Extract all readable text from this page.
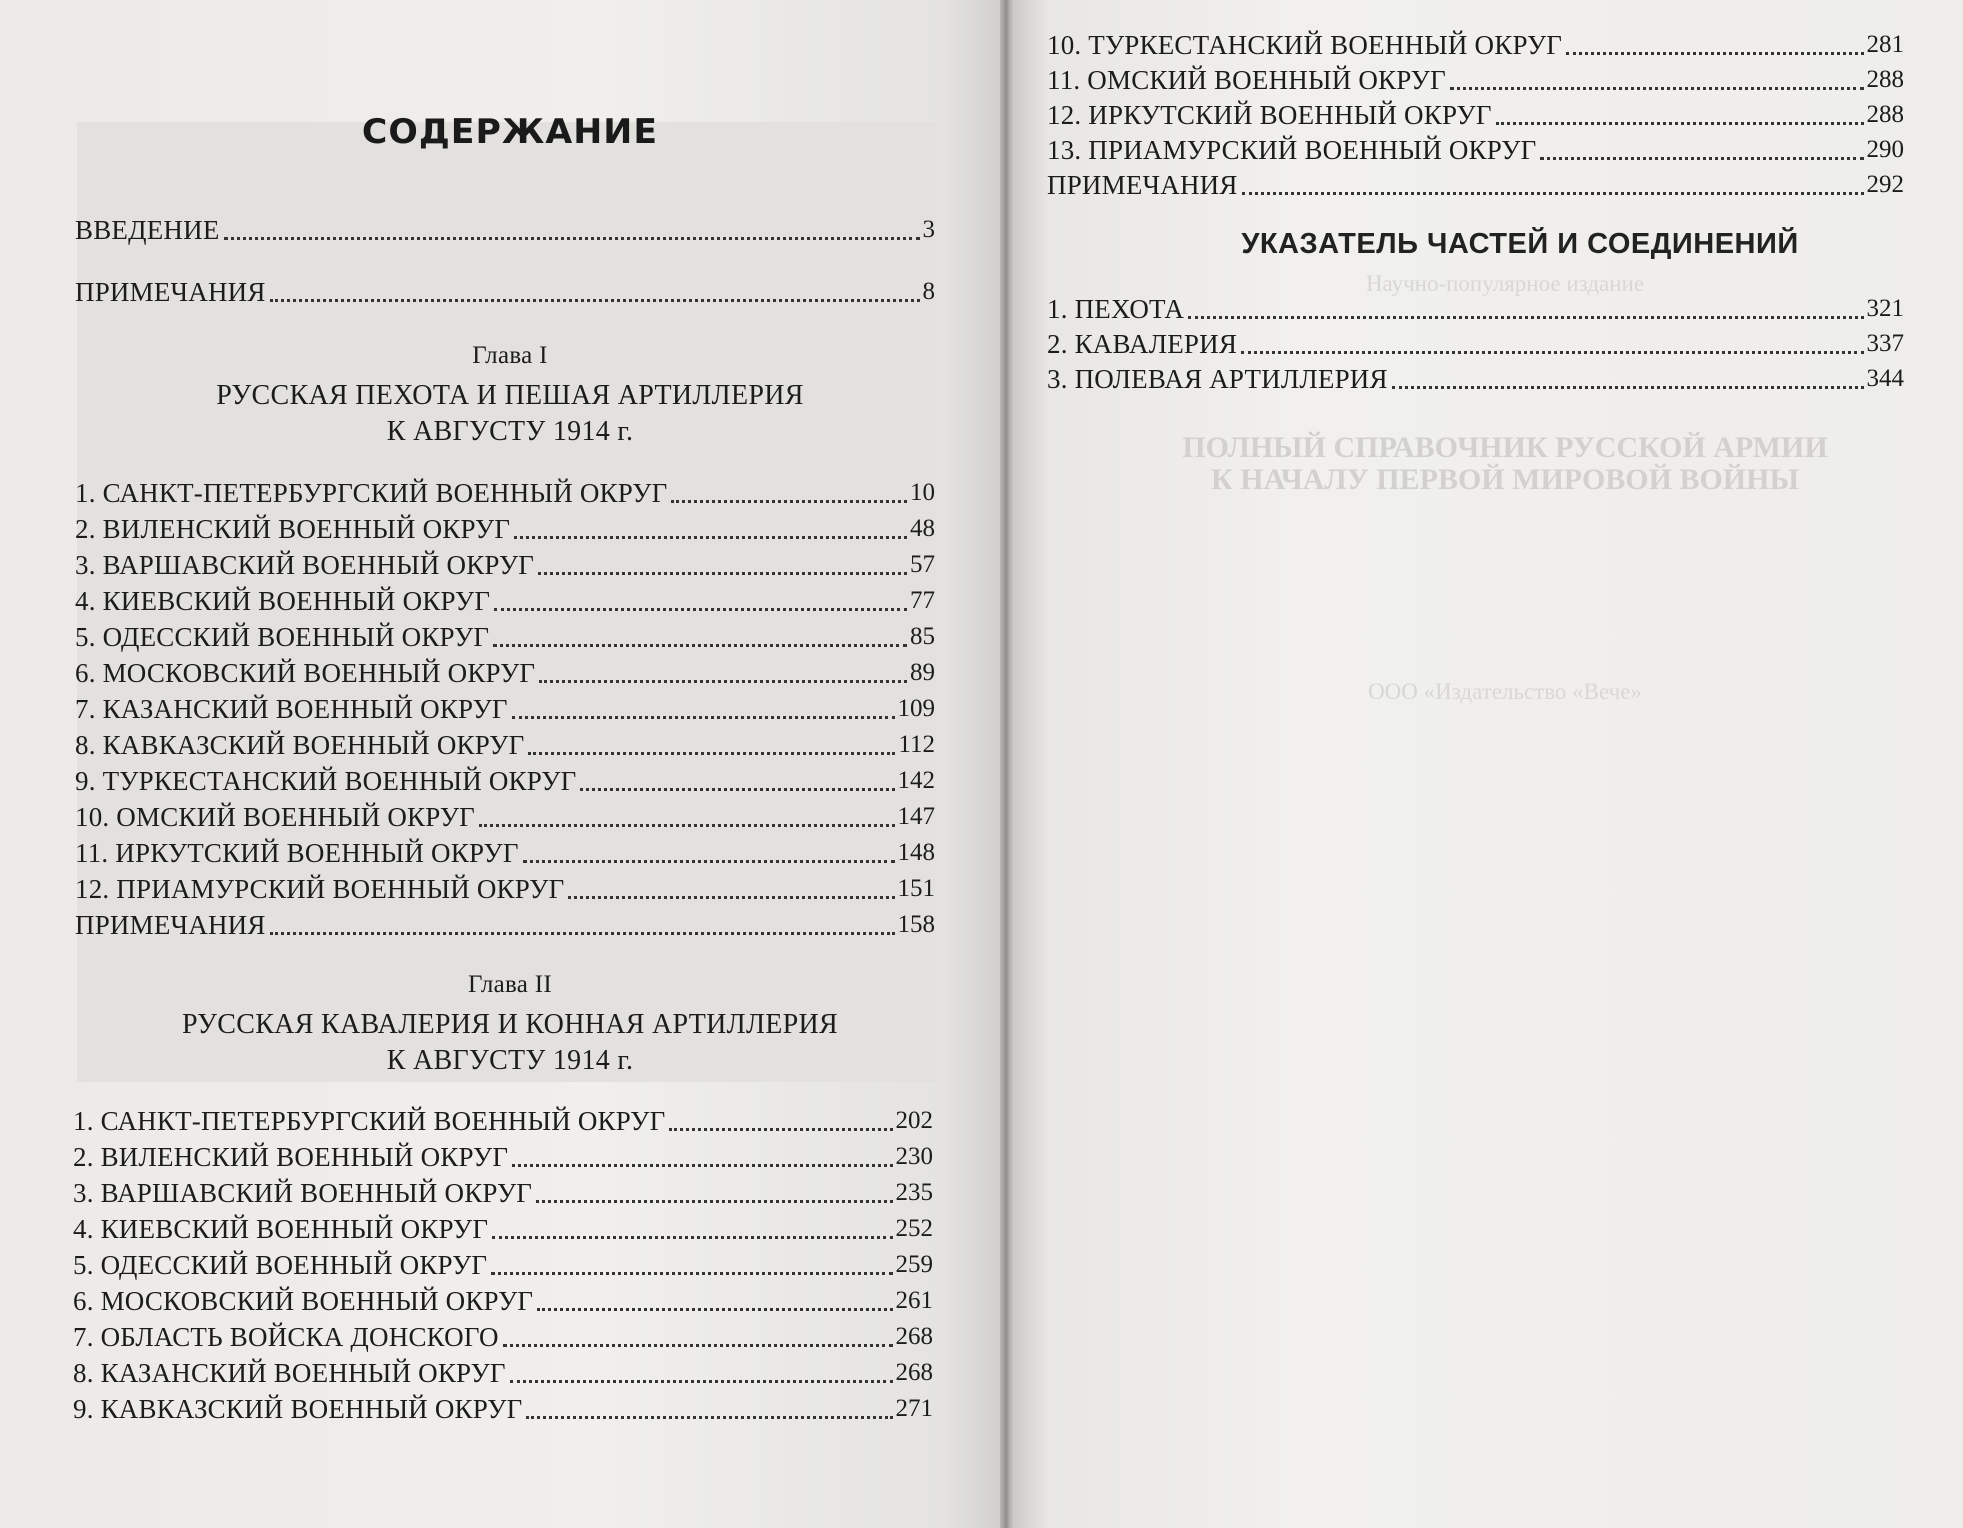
СОДЕРЖАНИЕ
ВВЕДЕНИЕ	3
ПРИМЕЧАНИЯ	8
Глава I
РУССКАЯ ПЕХОТА И ПЕШАЯ АРТИЛЛЕРИЯ
К АВГУСТУ 1914 г.
1. САНКТ-ПЕТЕРБУРГСКИЙ ВОЕННЫЙ ОКРУГ	10
2. ВИЛЕНСКИЙ ВОЕННЫЙ ОКРУГ	48
3. ВАРШАВСКИЙ ВОЕННЫЙ ОКРУГ	57
4. КИЕВСКИЙ ВОЕННЫЙ ОКРУГ	77
5. ОДЕССКИЙ ВОЕННЫЙ ОКРУГ	85
6. МОСКОВСКИЙ ВОЕННЫЙ ОКРУГ	89
7. КАЗАНСКИЙ ВОЕННЫЙ ОКРУГ	109
8. КАВКАЗСКИЙ ВОЕННЫЙ ОКРУГ	112
9. ТУРКЕСТАНСКИЙ ВОЕННЫЙ ОКРУГ	142
10. ОМСКИЙ ВОЕННЫЙ ОКРУГ	147
11. ИРКУТСКИЙ ВОЕННЫЙ ОКРУГ	148
12. ПРИАМУРСКИЙ ВОЕННЫЙ ОКРУГ	151
ПРИМЕЧАНИЯ	158
Глава II
РУССКАЯ КАВАЛЕРИЯ И КОННАЯ АРТИЛЛЕРИЯ
К АВГУСТУ 1914 г.
1. САНКТ-ПЕТЕРБУРГСКИЙ ВОЕННЫЙ ОКРУГ	202
2. ВИЛЕНСКИЙ ВОЕННЫЙ ОКРУГ	230
3. ВАРШАВСКИЙ ВОЕННЫЙ ОКРУГ	235
4. КИЕВСКИЙ ВОЕННЫЙ ОКРУГ	252
5. ОДЕССКИЙ ВОЕННЫЙ ОКРУГ	259
6. МОСКОВСКИЙ ВОЕННЫЙ ОКРУГ	261
7. ОБЛАСТЬ ВОЙСКА ДОНСКОГО	268
8. КАЗАНСКИЙ ВОЕННЫЙ ОКРУГ	268
9. КАВКАЗСКИЙ ВОЕННЫЙ ОКРУГ	271
Научно-популярное издание
ПОЛНЫЙ СПРАВОЧНИК РУССКОЙ АРМИИ
К НАЧАЛУ ПЕРВОЙ МИРОВОЙ ВОЙНЫ
ООО «Издательство «Вече»
10. ТУРКЕСТАНСКИЙ ВОЕННЫЙ ОКРУГ	281
11. ОМСКИЙ ВОЕННЫЙ ОКРУГ	288
12. ИРКУТСКИЙ ВОЕННЫЙ ОКРУГ	288
13. ПРИАМУРСКИЙ ВОЕННЫЙ ОКРУГ	290
ПРИМЕЧАНИЯ	292
УКАЗАТЕЛЬ ЧАСТЕЙ И СОЕДИНЕНИЙ
1. ПЕХОТА	321
2. КАВАЛЕРИЯ	337
3. ПОЛЕВАЯ АРТИЛЛЕРИЯ	344
